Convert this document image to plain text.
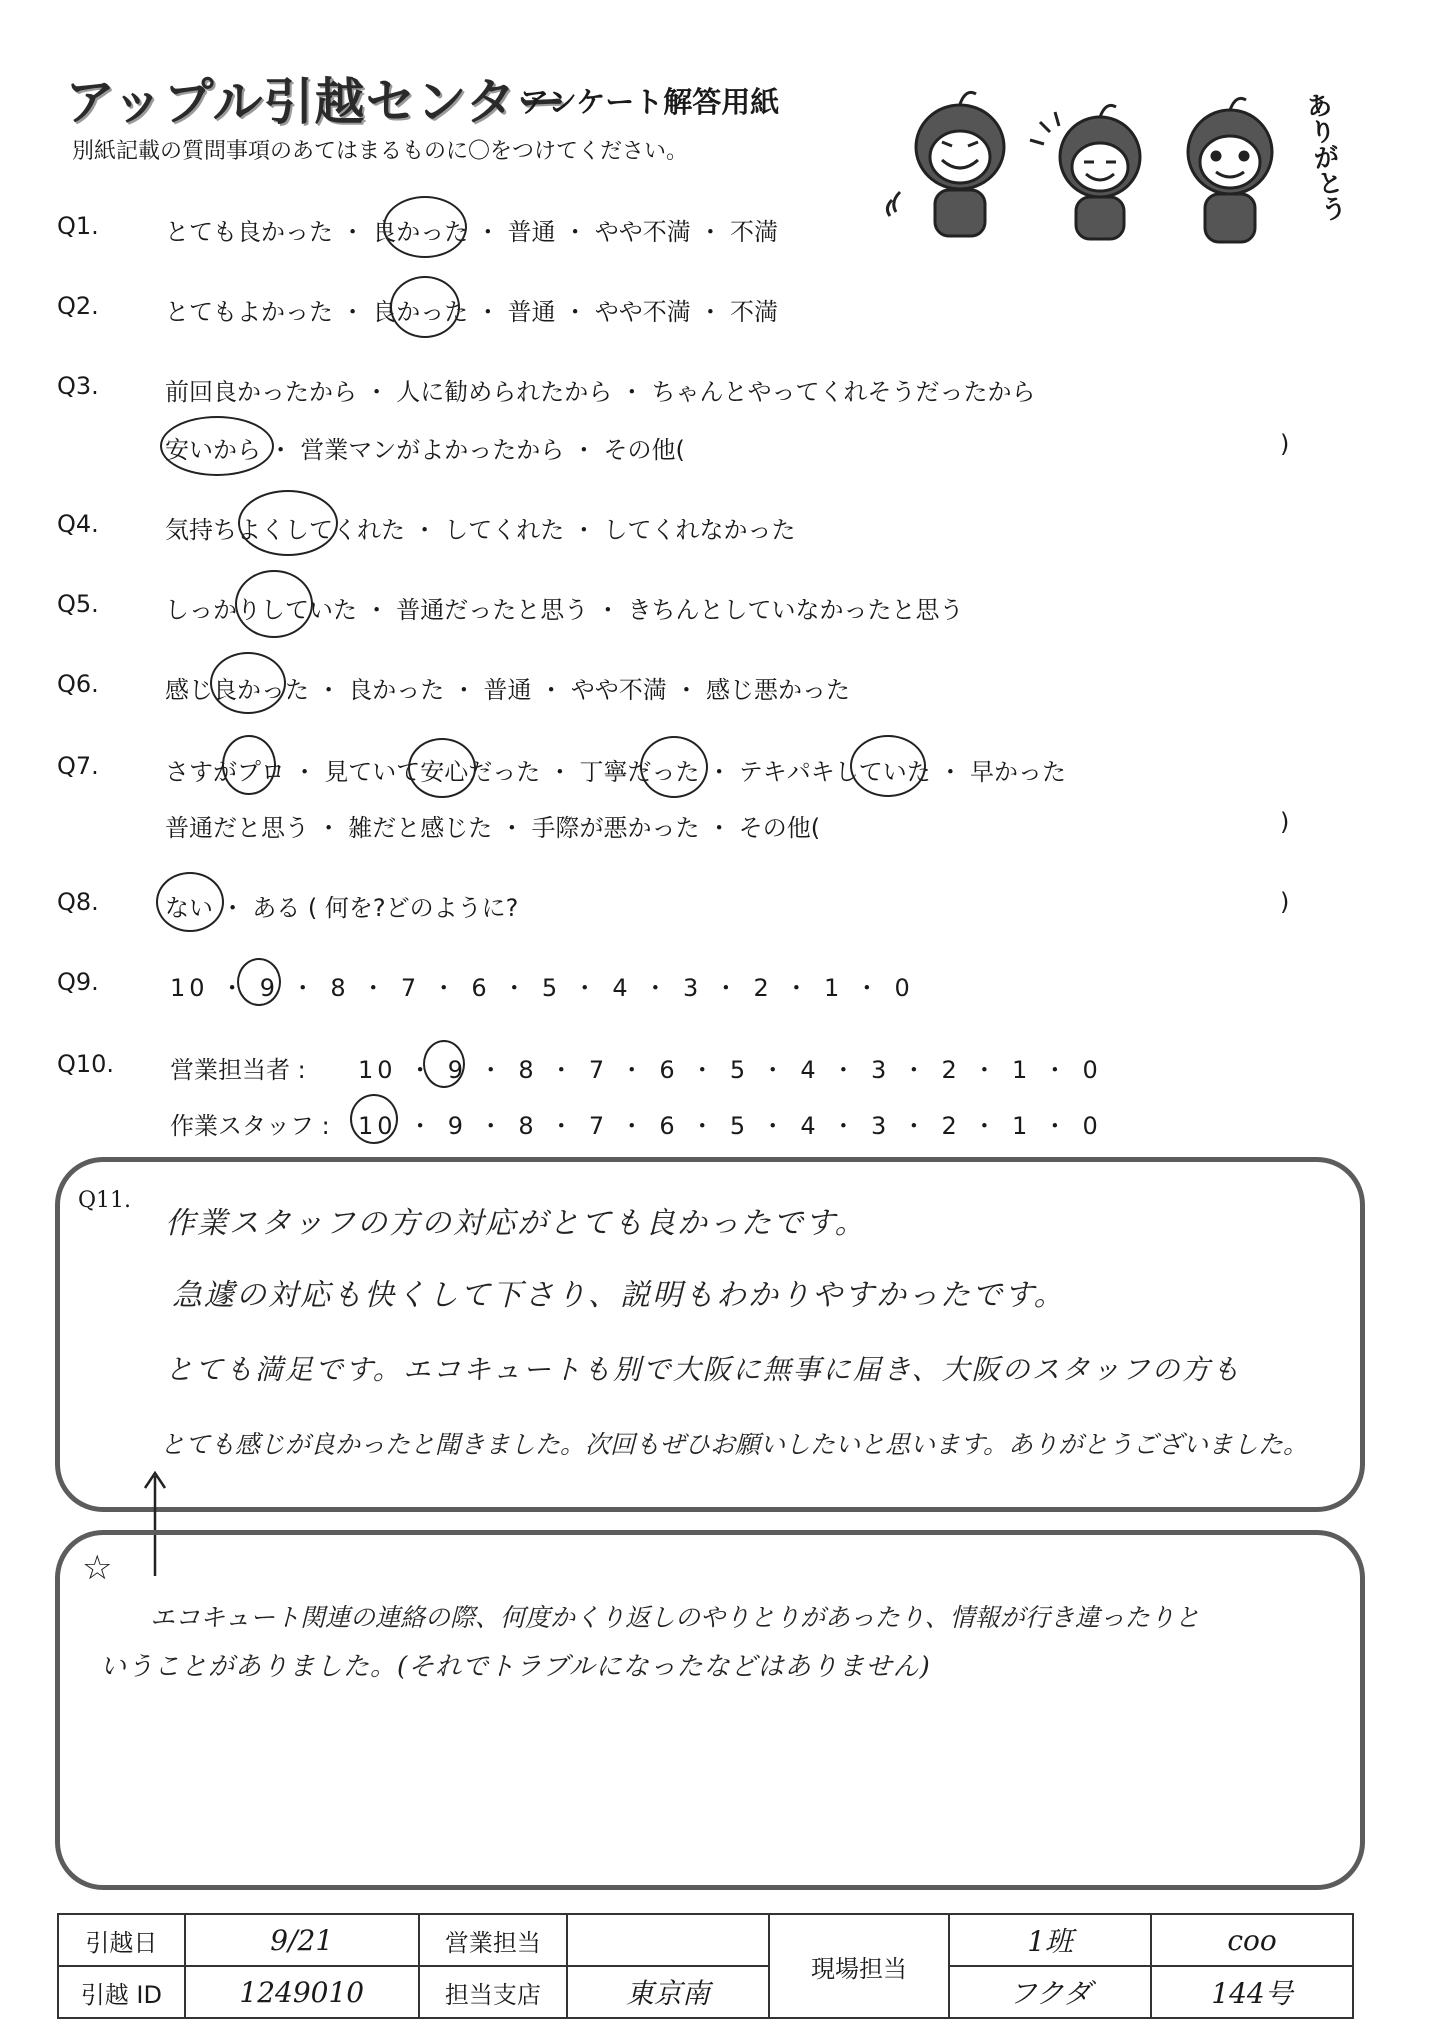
アップル引越センター
アンケート解答用紙
別紙記載の質問事項のあてはまるものに〇をつけてください。	ありがとう
Q1.	とても良かった ・ 良かった ・ 普通 ・ やや不満 ・ 不満
Q2.	とてもよかった ・ 良かった ・ 普通 ・ やや不満 ・ 不満
Q3.	前回良かったから ・ 人に勧められたから ・ ちゃんとやってくれそうだったから
安いから ・ 営業マンがよかったから ・ その他(	)
Q4.	気持ちよくしてくれた ・ してくれた ・ してくれなかった
Q5.	しっかりしていた ・ 普通だったと思う ・ きちんとしていなかったと思う
Q6.	感じ良かった ・ 良かった ・ 普通 ・ やや不満 ・ 感じ悪かった
Q7.	さすがプロ ・ 見ていて安心だった ・ 丁寧だった ・ テキパキしていた ・ 早かった
普通だと思う ・ 雑だと感じた ・ 手際が悪かった ・ その他(	)
Q8.	ない ・ ある ( 何を?どのように?	)
Q9.	10 ・ 9 ・ 8 ・ 7 ・ 6 ・ 5 ・ 4 ・ 3 ・ 2 ・ 1 ・ 0
Q10. 営業担当者 : 10 ・ 9 ・ 8 ・ 7 ・ 6 ・ 5 ・ 4 ・ 3 ・ 2 ・ 1 ・ 0
作業スタッフ : 10 ・ 9 ・ 8 ・ 7 ・ 6 ・ 5 ・ 4 ・ 3 ・ 2 ・ 1 ・ 0
Q11.
作業スタッフの方の対応がとても良かったです。
急遽の対応も快くして下さり、説明もわかりやすかったです。
とても満足です。エコキュートも別で大阪に無事に届き、大阪のスタッフの方も
とても感じが良かったと聞きました。次回もぜひお願いしたいと思います。ありがとうございました。
☆
エコキュート関連の連絡の際、何度かくり返しのやりとりがあったり、情報が行き違ったりと
いうことがありました。(それでトラブルになったなどはありません)
引越日	9/21	営業担当		現場担当	1班	coo
引越 ID	1249010	担当支店	東京南		フクダ	144号
